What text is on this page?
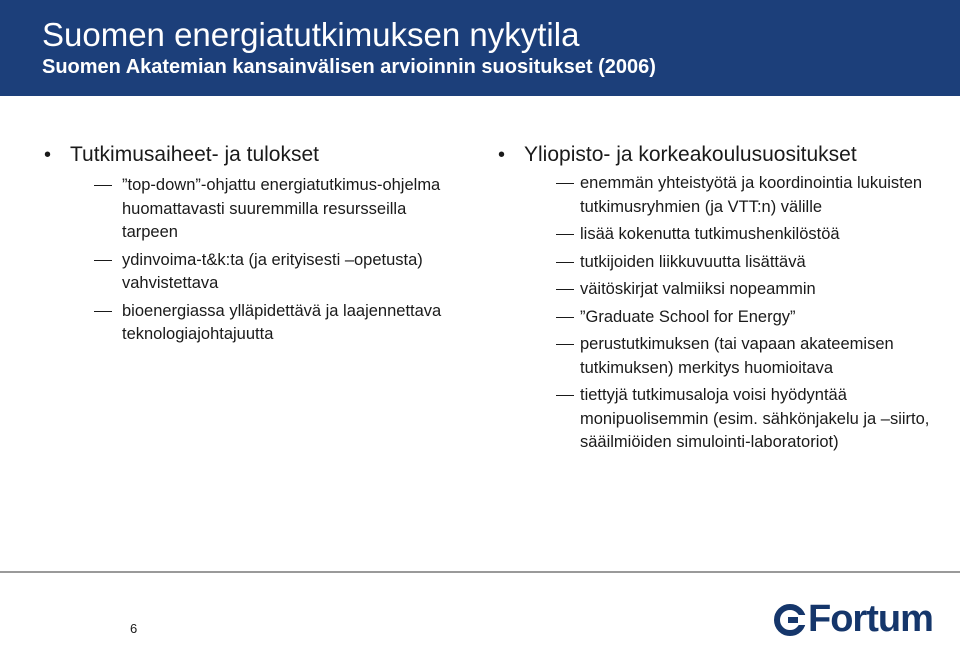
Suomen energiatutkimuksen nykytila
Suomen Akatemian kansainvälisen arvioinnin suositukset (2006)
• Tutkimusaiheet- ja tulokset
”top-down”-ohjattu energiatutkimus-ohjelma huomattavasti suuremmilla resursseilla tarpeen
ydinvoima-t&k:ta (ja erityisesti –opetusta) vahvistettava
bioenergiassa ylläpidettävä ja laajennettava teknologiajohtajuutta
• Yliopisto- ja korkeakoulusuositukset
enemmän yhteistyötä ja koordinointia lukuisten tutkimusryhmien (ja VTT:n) välille
lisää kokenutta tutkimushenkilöstöä
tutkijoiden liikkuvuutta lisättävä
väitöskirjat valmiiksi nopeammin
”Graduate School for Energy”
perustutkimuksen (tai vapaan akateemisen tutkimuksen) merkitys huomioitava
tiettyjä tutkimusaloja voisi hyödyntää monipuolisemmin (esim. sähkönjakelu ja –siirto, sääilmiöiden simulointi-laboratoriot)
6	Fortum
